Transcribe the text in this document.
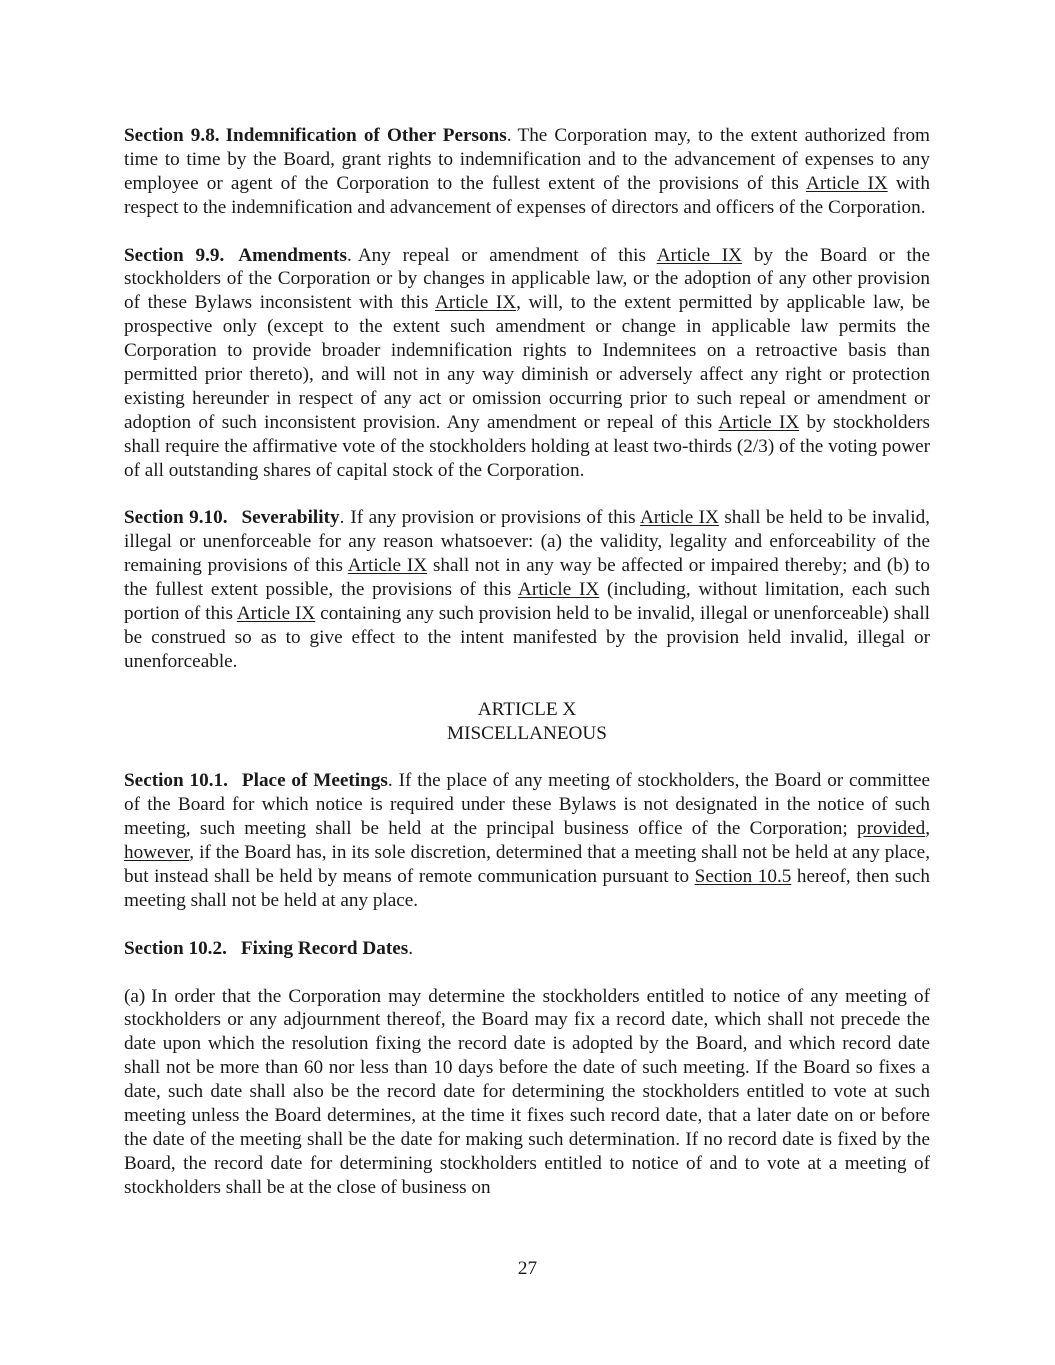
Section 9.8. Indemnification of Other Persons. The Corporation may, to the extent authorized from time to time by the Board, grant rights to indemnification and to the advancement of expenses to any employee or agent of the Corporation to the fullest extent of the provisions of this Article IX with respect to the indemnification and advancement of expenses of directors and officers of the Corporation.

Section 9.9. Amendments. Any repeal or amendment of this Article IX by the Board or the stockholders of the Corporation or by changes in applicable law, or the adoption of any other provision of these Bylaws inconsistent with this Article IX, will, to the extent permitted by applicable law, be prospective only (except to the extent such amendment or change in applicable law permits the Corporation to provide broader indemnification rights to Indemnitees on a retroactive basis than permitted prior thereto), and will not in any way diminish or adversely affect any right or protection existing hereunder in respect of any act or omission occurring prior to such repeal or amendment or adoption of such inconsistent provision. Any amendment or repeal of this Article IX by stockholders shall require the affirmative vote of the stockholders holding at least two-thirds (2/3) of the voting power of all outstanding shares of capital stock of the Corporation.

Section 9.10. Severability. If any provision or provisions of this Article IX shall be held to be invalid, illegal or unenforceable for any reason whatsoever: (a) the validity, legality and enforceability of the remaining provisions of this Article IX shall not in any way be affected or impaired thereby; and (b) to the fullest extent possible, the provisions of this Article IX (including, without limitation, each such portion of this Article IX containing any such provision held to be invalid, illegal or unenforceable) shall be construed so as to give effect to the intent manifested by the provision held invalid, illegal or unenforceable.

ARTICLE X

MISCELLANEOUS

Section 10.1. Place of Meetings. If the place of any meeting of stockholders, the Board or committee of the Board for which notice is required under these Bylaws is not designated in the notice of such meeting, such meeting shall be held at the principal business office of the Corporation; provided, however, if the Board has, in its sole discretion, determined that a meeting shall not be held at any place, but instead shall be held by means of remote communication pursuant to Section 10.5 hereof, then such meeting shall not be held at any place.

Section 10.2. Fixing Record Dates.

(a) In order that the Corporation may determine the stockholders entitled to notice of any meeting of stockholders or any adjournment thereof, the Board may fix a record date, which shall not precede the date upon which the resolution fixing the record date is adopted by the Board, and which record date shall not be more than 60 nor less than 10 days before the date of such meeting. If the Board so fixes a date, such date shall also be the record date for determining the stockholders entitled to vote at such meeting unless the Board determines, at the time it fixes such record date, that a later date on or before the date of the meeting shall be the date for making such determination. If no record date is fixed by the Board, the record date for determining stockholders entitled to notice of and to vote at a meeting of stockholders shall be at the close of business on

27
